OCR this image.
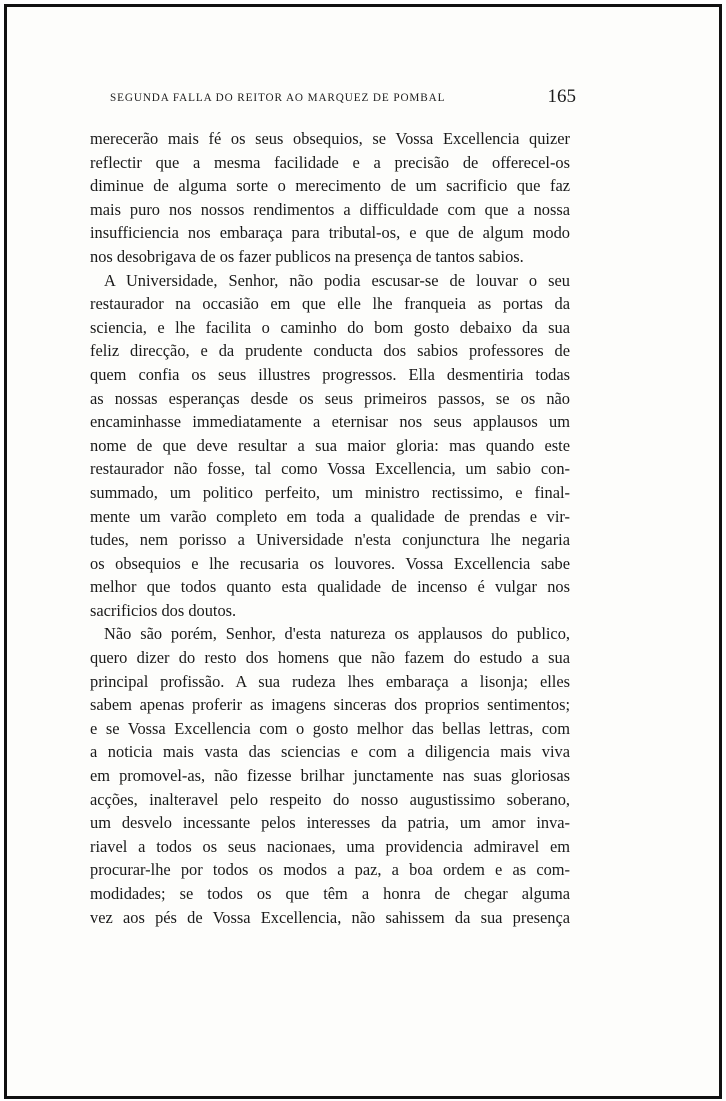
SEGUNDA FALLA DO REITOR AO MARQUEZ DE POMBAL	165
merecerão mais fé os seus obsequios, se Vossa Excellencia quizer
reflectir que a mesma facilidade e a precisão de offerecel-os
diminue de alguma sorte o merecimento de um sacrificio que faz
mais puro nos nossos rendimentos a difficuldade com que a nossa
insufficiencia nos embaraça para tributal-os, e que de algum modo
nos desobrigava de os fazer publicos na presença de tantos sabios.
A Universidade, Senhor, não podia escusar-se de louvar o seu
restaurador na occasião em que elle lhe franqueia as portas da
sciencia, e lhe facilita o caminho do bom gosto debaixo da sua
feliz direcção, e da prudente conducta dos sabios professores de
quem confia os seus illustres progressos. Ella desmentiria todas
as nossas esperanças desde os seus primeiros passos, se os não
encaminhasse immediatamente a eternisar nos seus applausos um
nome de que deve resultar a sua maior gloria: mas quando este
restaurador não fosse, tal como Vossa Excellencia, um sabio con-
summado, um politico perfeito, um ministro rectissimo, e final-
mente um varão completo em toda a qualidade de prendas e vir-
tudes, nem porisso a Universidade n'esta conjunctura lhe negaria
os obsequios e lhe recusaria os louvores. Vossa Excellencia sabe
melhor que todos quanto esta qualidade de incenso é vulgar nos
sacrificios dos doutos.
Não são porém, Senhor, d'esta natureza os applausos do publico,
quero dizer do resto dos homens que não fazem do estudo a sua
principal profissão. A sua rudeza lhes embaraça a lisonja; elles
sabem apenas proferir as imagens sinceras dos proprios sentimentos;
e se Vossa Excellencia com o gosto melhor das bellas lettras, com
a noticia mais vasta das sciencias e com a diligencia mais viva
em promovel-as, não fizesse brilhar junctamente nas suas gloriosas
acções, inalteravel pelo respeito do nosso augustissimo soberano,
um desvelo incessante pelos interesses da patria, um amor inva-
riavel a todos os seus nacionaes, uma providencia admiravel em
procurar-lhe por todos os modos a paz, a boa ordem e as com-
modidades; se todos os que têm a honra de chegar alguma
vez aos pés de Vossa Excellencia, não sahissem da sua presença
